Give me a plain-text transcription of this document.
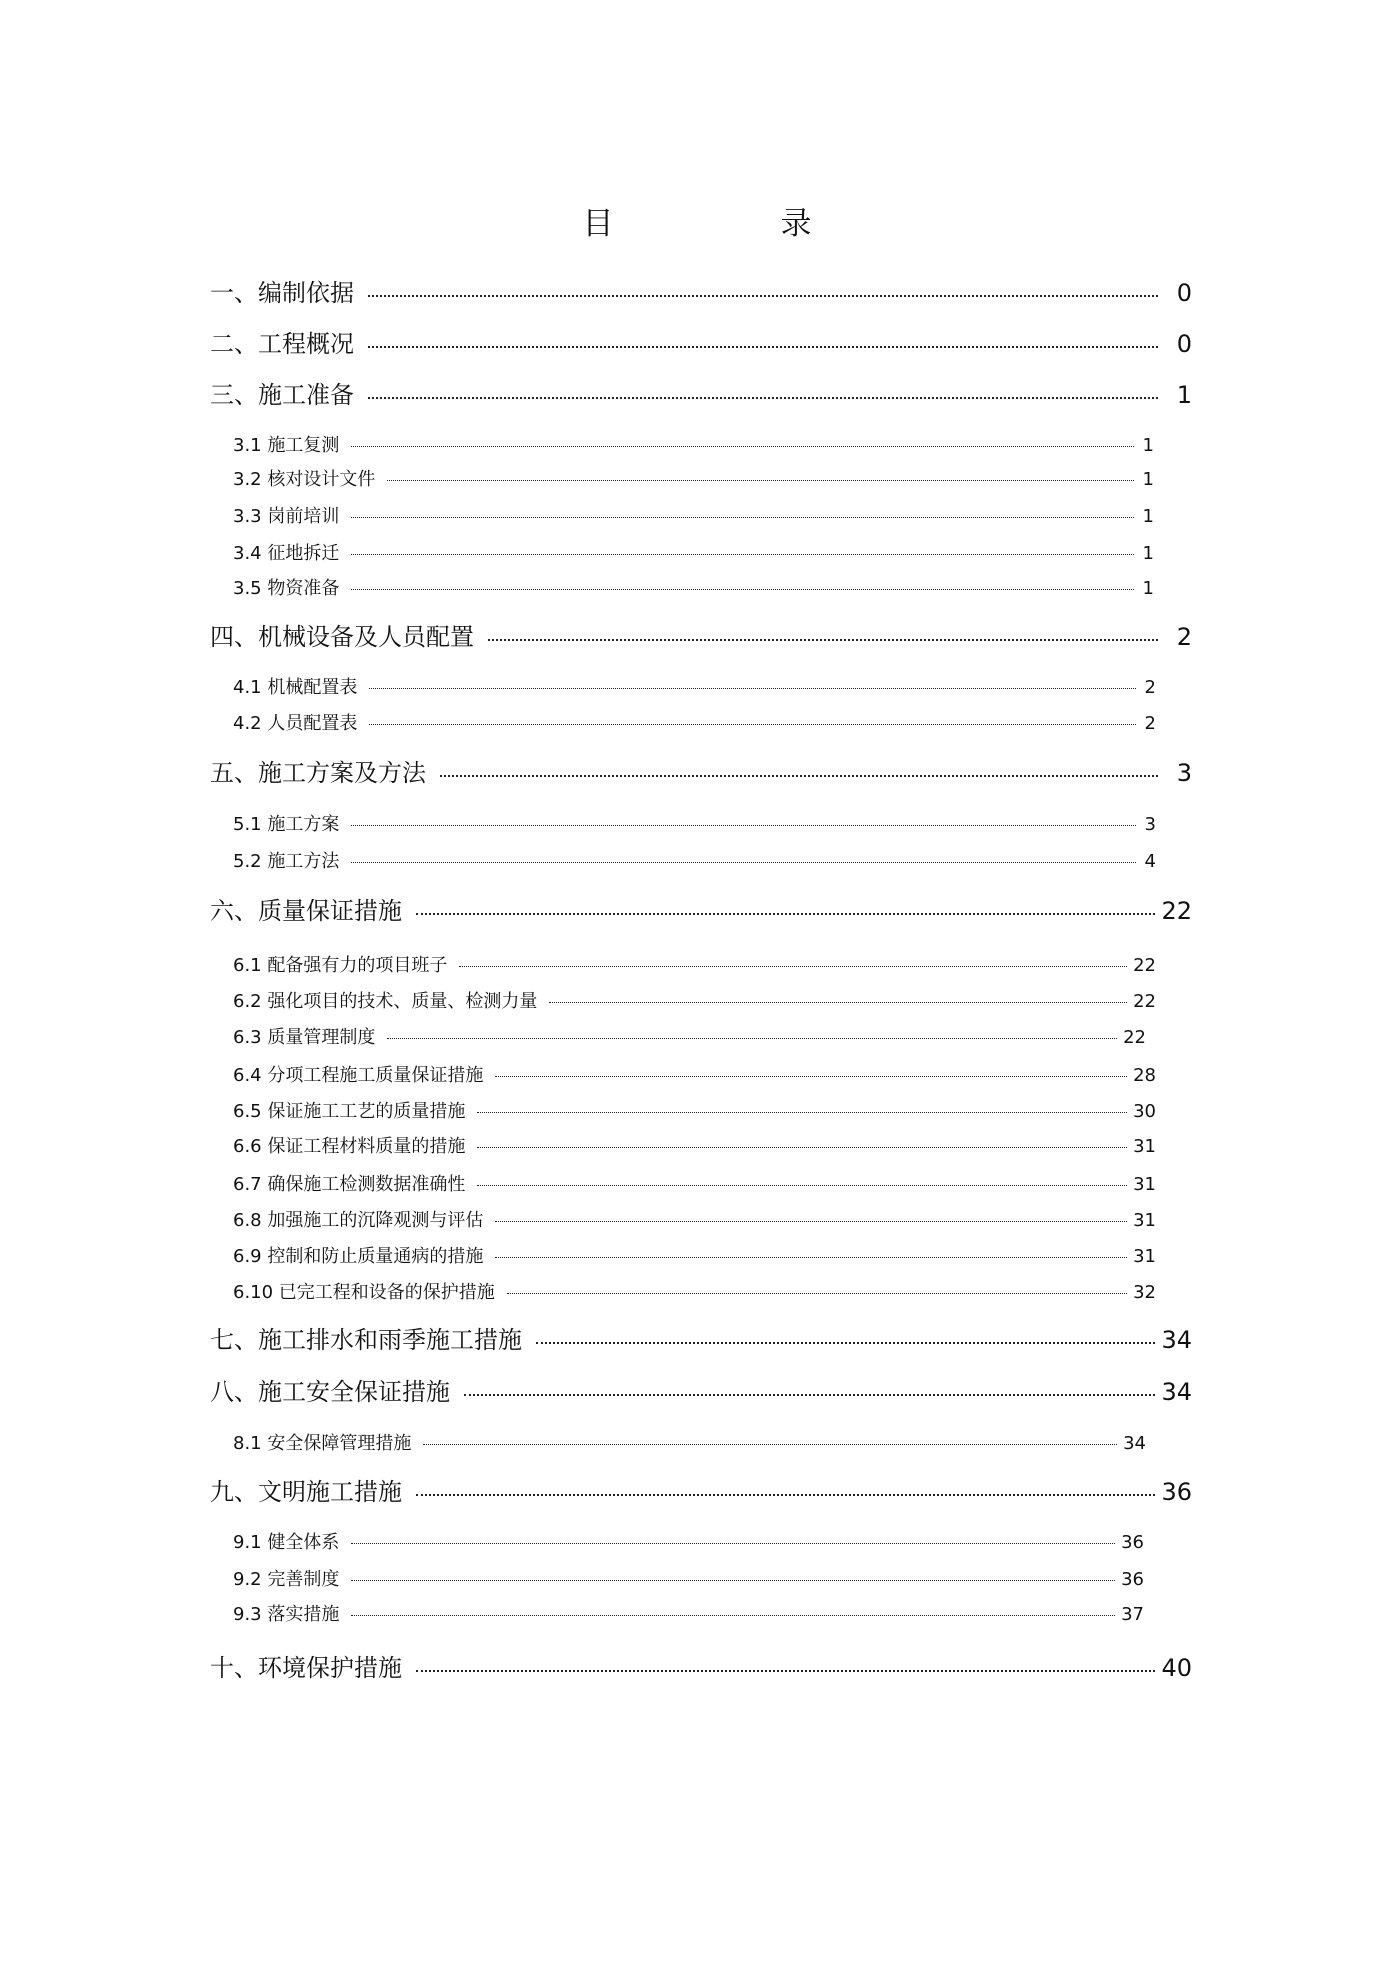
目　录
一、编制依据	0
二、工程概况	0
三、施工准备	1
3.1 施工复测	1
3.2 核对设计文件	1
3.3 岗前培训	1
3.4 征地拆迁	1
3.5 物资准备	1
四、机械设备及人员配置	2
4.1 机械配置表	2
4.2 人员配置表	2
五、施工方案及方法	3
5.1 施工方案	3
5.2 施工方法	4
六、质量保证措施	22
6.1 配备强有力的项目班子	22
6.2 强化项目的技术、质量、检测力量	22
6.3 质量管理制度	22
6.4 分项工程施工质量保证措施	28
6.5 保证施工工艺的质量措施	30
6.6 保证工程材料质量的措施	31
6.7 确保施工检测数据准确性	31
6.8 加强施工的沉降观测与评估	31
6.9 控制和防止质量通病的措施	31
6.10 已完工程和设备的保护措施	32
七、施工排水和雨季施工措施	34
八、施工安全保证措施	34
8.1 安全保障管理措施	34
九、文明施工措施	36
9.1 健全体系	36
9.2 完善制度	36
9.3 落实措施	37
十、环境保护措施	40
